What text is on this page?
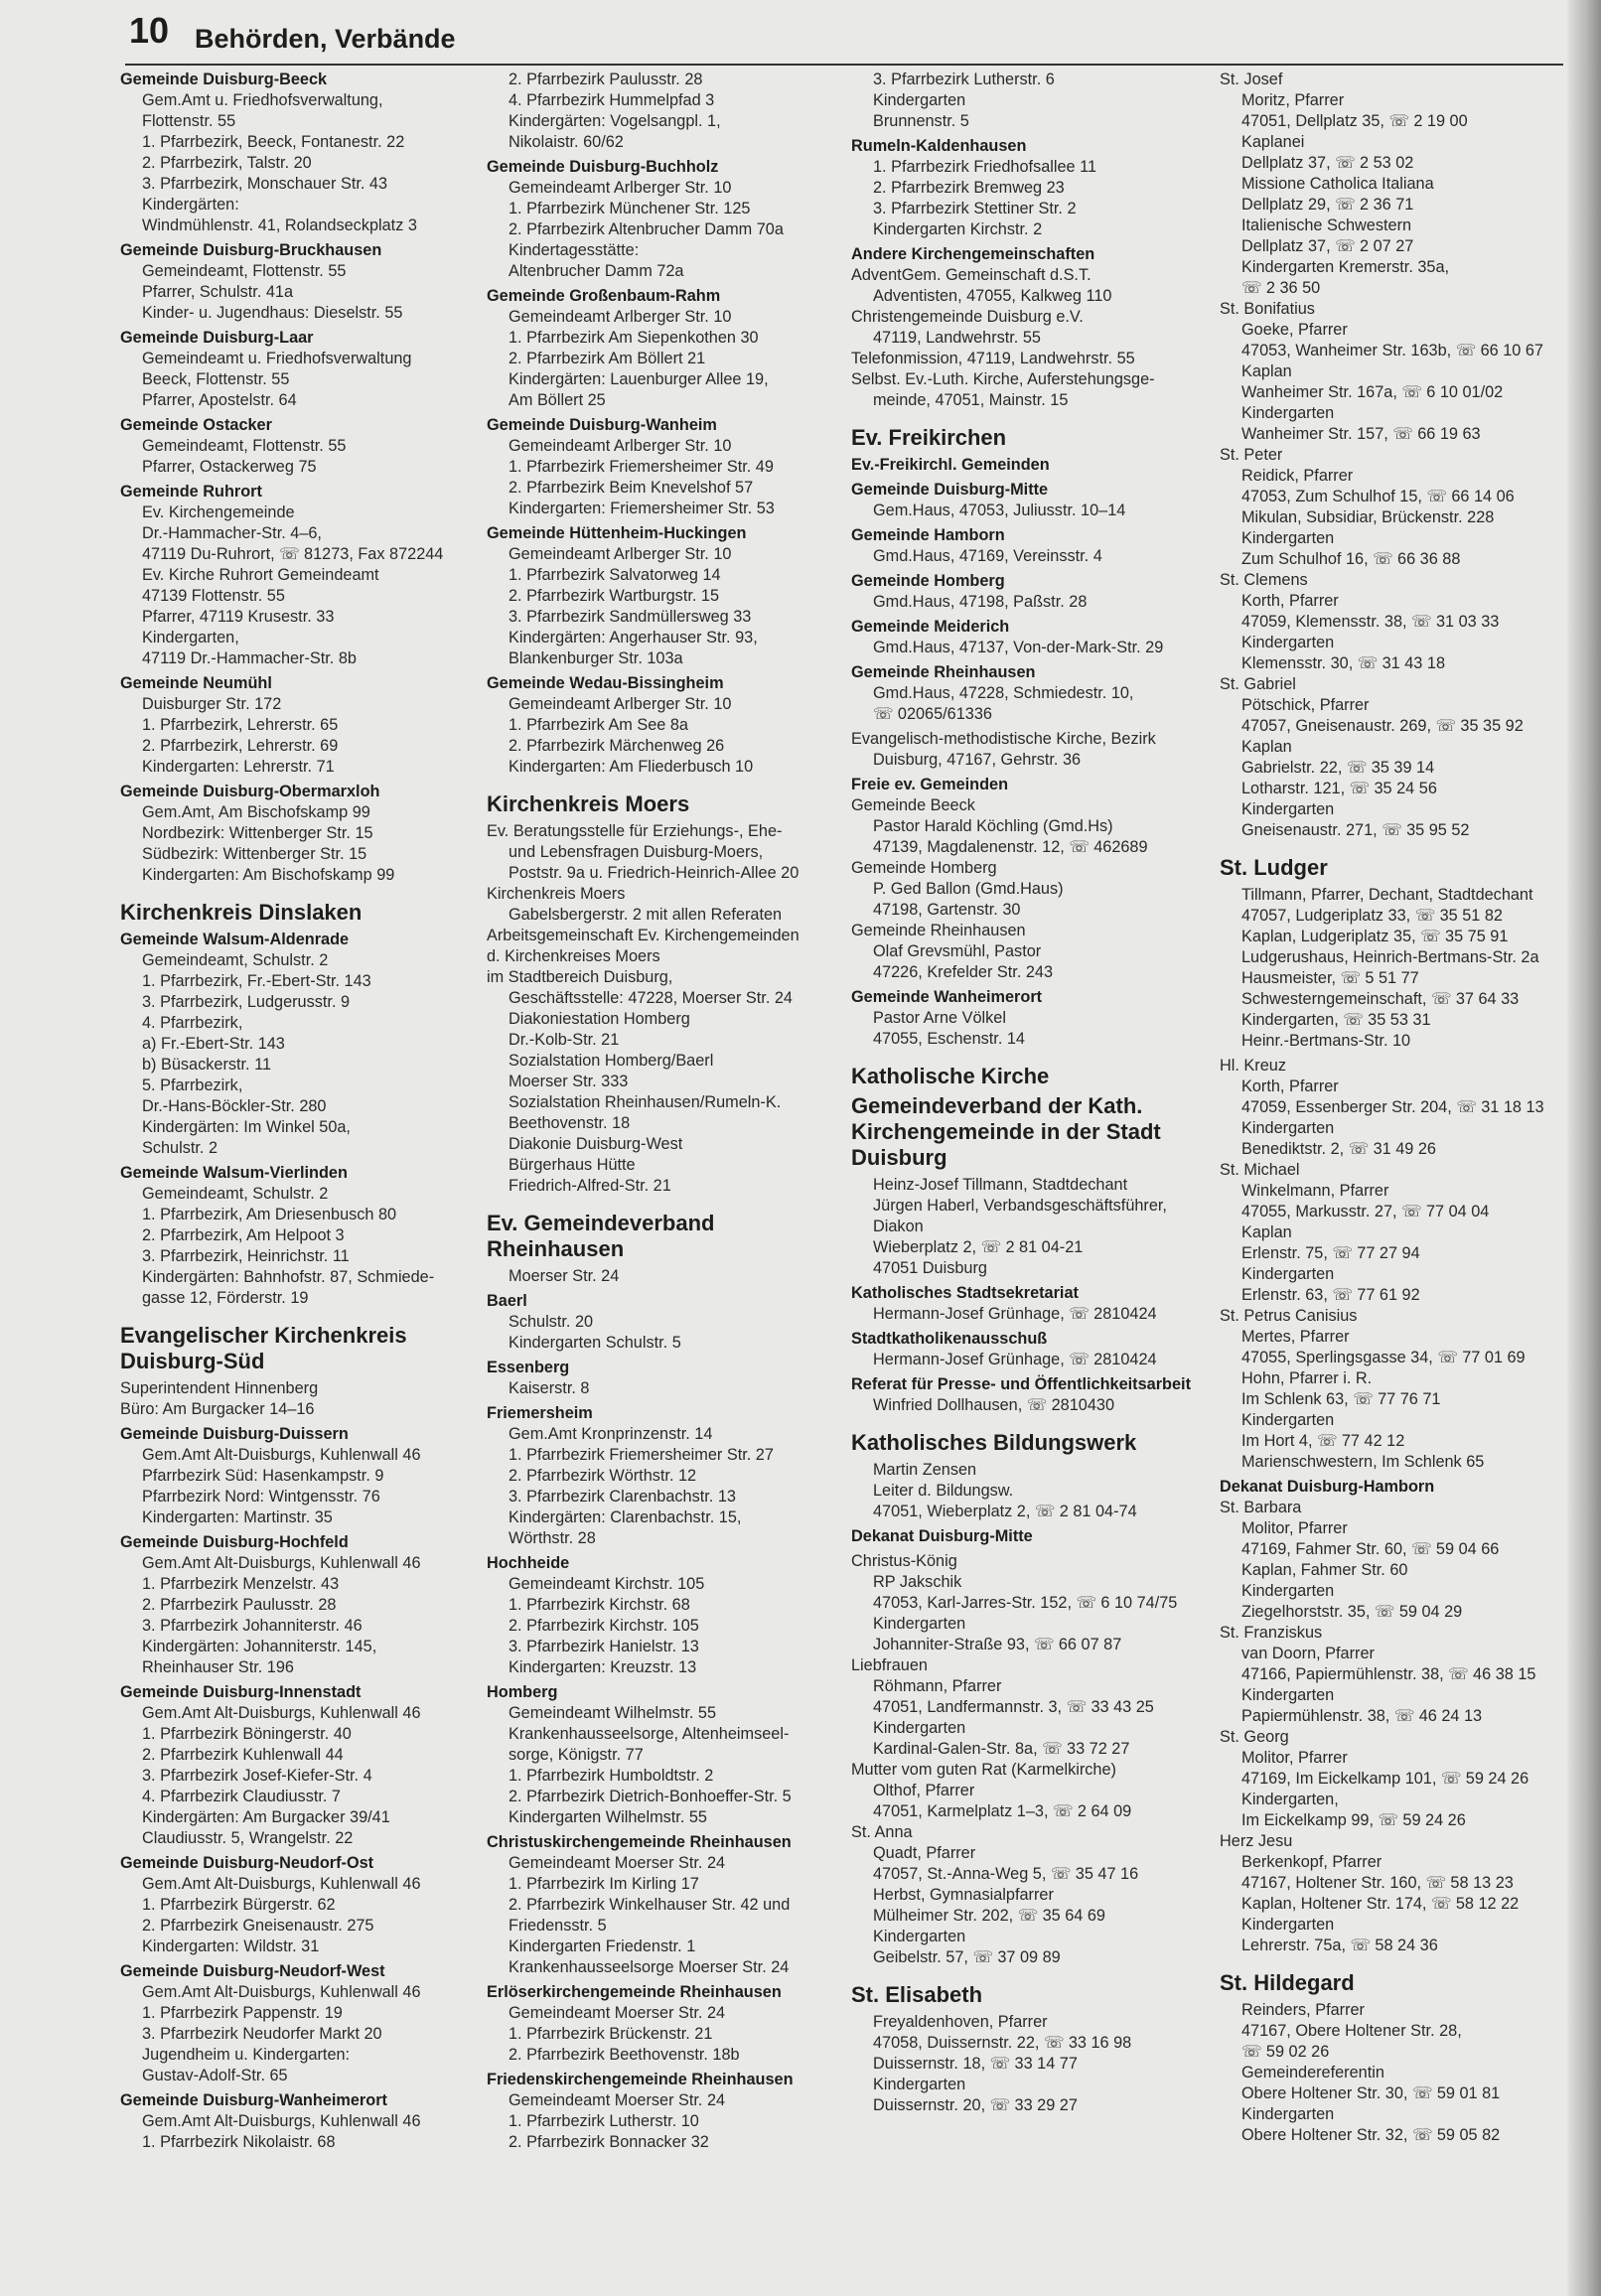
10 Behörden, Verbände
Gemeinde Duisburg-Beeck
Gem.Amt u. Friedhofsverwaltung,
Flottenstr. 55
1. Pfarrbezirk, Beeck, Fontanestr. 22
2. Pfarrbezirk, Talstr. 20
3. Pfarrbezirk, Monschauer Str. 43
Kindergärten:
Windmühlenstr. 41, Rolandseckplatz 3
Gemeinde Duisburg-Bruckhausen
Gemeindeamt, Flottenstr. 55
Pfarrer, Schulstr. 41a
Kinder- u. Jugendhaus: Dieselstr. 55
Gemeinde Duisburg-Laar
Gemeindeamt u. Friedhofsverwaltung
Beeck, Flottenstr. 55
Pfarrer, Apostelstr. 64
Gemeinde Ostacker
Gemeindeamt, Flottenstr. 55
Pfarrer, Ostackerweg 75
Gemeinde Ruhrort
Ev. Kirchengemeinde
Dr.-Hammacher-Str. 4–6,
47119 Du-Ruhrort, ☏ 81273, Fax 872244
Ev. Kirche Ruhrort Gemeindeamt
47139 Flottenstr. 55
Pfarrer, 47119 Krusestr. 33
Kindergarten,
47119 Dr.-Hammacher-Str. 8b
Gemeinde Neumühl
Duisburger Str. 172
1. Pfarrbezirk, Lehrerstr. 65
2. Pfarrbezirk, Lehrerstr. 69
Kindergarten: Lehrerstr. 71
Gemeinde Duisburg-Obermarxloh
Gem.Amt, Am Bischofskamp 99
Nordbezirk: Wittenberger Str. 15
Südbezirk: Wittenberger Str. 15
Kindergarten: Am Bischofskamp 99
Kirchenkreis Dinslaken
Gemeinde Walsum-Aldenrade
Gemeindeamt, Schulstr. 2
1. Pfarrbezirk, Fr.-Ebert-Str. 143
3. Pfarrbezirk, Ludgerusstr. 9
4. Pfarrbezirk,
a) Fr.-Ebert-Str. 143
b) Büsackerstr. 11
5. Pfarrbezirk,
Dr.-Hans-Böckler-Str. 280
Kindergärten: Im Winkel 50a,
Schulstr. 2
Gemeinde Walsum-Vierlinden
Gemeindeamt, Schulstr. 2
1. Pfarrbezirk, Am Driesenbusch 80
2. Pfarrbezirk, Am Helpoot 3
3. Pfarrbezirk, Heinrichstr. 11
Kindergärten: Bahnhofstr. 87, Schmiede-
gasse 12, Förderstr. 19
Evangelischer Kirchenkreis Duisburg-Süd
Superintendent Hinnenberg
Büro: Am Burgacker 14–16
Gemeinde Duisburg-Duissern
Gem.Amt Alt-Duisburgs, Kuhlenwall 46
Pfarrbezirk Süd: Hasenkampstr. 9
Pfarrbezirk Nord: Wintgensstr. 76
Kindergarten: Martinstr. 35
Gemeinde Duisburg-Hochfeld
Gem.Amt Alt-Duisburgs, Kuhlenwall 46
1. Pfarrbezirk Menzelstr. 43
2. Pfarrbezirk Paulusstr. 28
3. Pfarrbezirk Johanniterstr. 46
Kindergärten: Johanniterstr. 145,
Rheinhauser Str. 196
Gemeinde Duisburg-Innenstadt
Gem.Amt Alt-Duisburgs, Kuhlenwall 46
1. Pfarrbezirk Böningerstr. 40
2. Pfarrbezirk Kuhlenwall 44
3. Pfarrbezirk Josef-Kiefer-Str. 4
4. Pfarrbezirk Claudiusstr. 7
Kindergärten: Am Burgacker 39/41
Claudiusstr. 5, Wrangelstr. 22
Gemeinde Duisburg-Neudorf-Ost
Gem.Amt Alt-Duisburgs, Kuhlenwall 46
1. Pfarrbezirk Bürgerstr. 62
2. Pfarrbezirk Gneisenaustr. 275
Kindergarten: Wildstr. 31
Gemeinde Duisburg-Neudorf-West
Gem.Amt Alt-Duisburgs, Kuhlenwall 46
1. Pfarrbezirk Pappenstr. 19
3. Pfarrbezirk Neudorfer Markt 20
Jugendheim u. Kindergarten:
Gustav-Adolf-Str. 65
Gemeinde Duisburg-Wanheimerort
Gem.Amt Alt-Duisburgs, Kuhlenwall 46
1. Pfarrbezirk Nikolaistr. 68
2. Pfarrbezirk Paulusstr. 28
4. Pfarrbezirk Hummelpfad 3
Kindergärten: Vogelsangpl. 1,
Nikolaistr. 60/62
Gemeinde Duisburg-Buchholz
Gemeindeamt Arlberger Str. 10
1. Pfarrbezirk Münchener Str. 125
2. Pfarrbezirk Altenbrucher Damm 70a
Kindertagesstätte:
Altenbrucher Damm 72a
Gemeinde Großenbaum-Rahm
Gemeindeamt Arlberger Str. 10
1. Pfarrbezirk Am Siepenkothen 30
2. Pfarrbezirk Am Böllert 21
Kindergärten: Lauenburger Allee 19,
Am Böllert 25
Gemeinde Duisburg-Wanheim
Gemeindeamt Arlberger Str. 10
1. Pfarrbezirk Friemersheimer Str. 49
2. Pfarrbezirk Beim Knevelshof 57
Kindergarten: Friemersheimer Str. 53
Gemeinde Hüttenheim-Huckingen
Gemeindeamt Arlberger Str. 10
1. Pfarrbezirk Salvatorweg 14
2. Pfarrbezirk Wartburgstr. 15
3. Pfarrbezirk Sandmüllersweg 33
Kindergärten: Angerhauser Str. 93,
Blankenburger Str. 103a
Gemeinde Wedau-Bissingheim
Gemeindeamt Arlberger Str. 10
1. Pfarrbezirk Am See 8a
2. Pfarrbezirk Märchenweg 26
Kindergarten: Am Fliederbusch 10
Kirchenkreis Moers
Ev. Beratungsstelle für Erziehungs-, Ehe-
und Lebensfragen Duisburg-Moers,
Poststr. 9a u. Friedrich-Heinrich-Allee 20
Kirchenkreis Moers
Gabelsbergerstr. 2 mit allen Referaten
Arbeitsgemeinschaft Ev. Kirchengemeinden
d. Kirchenkreises Moers
im Stadtbereich Duisburg,
Geschäftsstelle: 47228, Moerser Str. 24
Diakoniestation Homberg
Dr.-Kolb-Str. 21
Sozialstation Homberg/Baerl
Moerser Str. 333
Sozialstation Rheinhausen/Rumeln-K.
Beethovenstr. 18
Diakonie Duisburg-West
Bürgerhaus Hütte
Friedrich-Alfred-Str. 21
Ev. Gemeindeverband Rheinhausen
Moerser Str. 24
Baerl
Schulstr. 20
Kindergarten Schulstr. 5
Essenberg
Kaiserstr. 8
Friemersheim
Gem.Amt Kronprinzenstr. 14
1. Pfarrbezirk Friemersheimer Str. 27
2. Pfarrbezirk Wörthstr. 12
3. Pfarrbezirk Clarenbachstr. 13
Kindergärten: Clarenbachstr. 15,
Wörthstr. 28
Hochheide
Gemeindeamt Kirchstr. 105
1. Pfarrbezirk Kirchstr. 68
2. Pfarrbezirk Kirchstr. 105
3. Pfarrbezirk Hanielstr. 13
Kindergarten: Kreuzstr. 13
Homberg
Gemeindeamt Wilhelmstr. 55
Krankenhausseelsorge, Altenheimseel-
sorge, Königstr. 77
1. Pfarrbezirk Humboldtstr. 2
2. Pfarrbezirk Dietrich-Bonhoeffer-Str. 5
Kindergarten Wilhelmstr. 55
Christuskirchengemeinde Rheinhausen
Gemeindeamt Moerser Str. 24
1. Pfarrbezirk Im Kirling 17
2. Pfarrbezirk Winkelhauser Str. 42 und
Friedensstr. 5
Kindergarten Friedenstr. 1
Krankenhausseelsorge Moerser Str. 24
Erlöserkirchengemeinde Rheinhausen
Gemeindeamt Moerser Str. 24
1. Pfarrbezirk Brückenstr. 21
2. Pfarrbezirk Beethovenstr. 18b
Friedenskirchengemeinde Rheinhausen
Gemeindeamt Moerser Str. 24
1. Pfarrbezirk Lutherstr. 10
2. Pfarrbezirk Bonnacker 32
3. Pfarrbezirk Lutherstr. 6
Kindergarten
Brunnenstr. 5
Rumeln-Kaldenhausen
1. Pfarrbezirk Friedhofsallee 11
2. Pfarrbezirk Bremweg 23
3. Pfarrbezirk Stettiner Str. 2
Kindergarten Kirchstr. 2
Andere Kirchengemeinschaften
AdventGem. Gemeinschaft d.S.T.
Adventisten, 47055, Kalkweg 110
Christengemeinde Duisburg e.V.
47119, Landwehrstr. 55
Telefonmission, 47119, Landwehrstr. 55
Selbst. Ev.-Luth. Kirche, Auferstehungsge-
meinde, 47051, Mainstr. 15
Ev. Freikirchen
Ev.-Freikirchl. Gemeinden
Gemeinde Duisburg-Mitte
Gem.Haus, 47053, Juliusstr. 10–14
Gemeinde Hamborn
Gmd.Haus, 47169, Vereinsstr. 4
Gemeinde Homberg
Gmd.Haus, 47198, Paßstr. 28
Gemeinde Meiderich
Gmd.Haus, 47137, Von-der-Mark-Str. 29
Gemeinde Rheinhausen
Gmd.Haus, 47228, Schmiedestr. 10,
☏ 02065/61336
Evangelisch-methodistische Kirche, Bezirk
Duisburg, 47167, Gehrstr. 36
Freie ev. Gemeinden
Gemeinde Beeck
Pastor Harald Köchling (Gmd.Hs)
47139, Magdalenenstr. 12, ☏ 462689
Gemeinde Homberg
P. Ged Ballon (Gmd.Haus)
47198, Gartenstr. 30
Gemeinde Rheinhausen
Olaf Grevsmühl, Pastor
47226, Krefelder Str. 243
Gemeinde Wanheimerort
Pastor Arne Völkel
47055, Eschenstr. 14
Katholische Kirche
Gemeindeverband der Kath. Kirchengemeinde in der Stadt Duisburg
Heinz-Josef Tillmann, Stadtdechant
Jürgen Haberl, Verbandsgeschäftsführer,
Diakon
Wieberplatz 2, ☏ 2 81 04-21
47051 Duisburg
Katholisches Stadtsekretariat
Hermann-Josef Grünhage, ☏ 2810424
Stadtkatholikenausschuß
Hermann-Josef Grünhage, ☏ 2810424
Referat für Presse- und Öffentlichkeitsarbeit
Winfried Dollhausen, ☏ 2810430
Katholisches Bildungswerk
Martin Zensen
Leiter d. Bildungsw.
47051, Wieberplatz 2, ☏ 2 81 04-74
Dekanat Duisburg-Mitte
Christus-König
RP Jakschik
47053, Karl-Jarres-Str. 152, ☏ 6 10 74/75
Kindergarten
Johanniter-Straße 93, ☏ 66 07 87
Liebfrauen
Röhmann, Pfarrer
47051, Landfermannstr. 3, ☏ 33 43 25
Kindergarten
Kardinal-Galen-Str. 8a, ☏ 33 72 27
Mutter vom guten Rat (Karmelkirche)
Olthof, Pfarrer
47051, Karmelplatz 1–3, ☏ 2 64 09
St. Anna
Quadt, Pfarrer
47057, St.-Anna-Weg 5, ☏ 35 47 16
Herbst, Gymnasialpfarrer
Mülheimer Str. 202, ☏ 35 64 69
Kindergarten
Geibelstr. 57, ☏ 37 09 89
St. Elisabeth
Freyaldenhoven, Pfarrer
47058, Duissernstr. 22, ☏ 33 16 98
Duissernstr. 18, ☏ 33 14 77
Kindergarten
Duissernstr. 20, ☏ 33 29 27
St. Josef
Moritz, Pfarrer
47051, Dellplatz 35, ☏ 2 19 00
Kaplanei
Dellplatz 37, ☏ 2 53 02
Missione Catholica Italiana
Dellplatz 29, ☏ 2 36 71
Italienische Schwestern
Dellplatz 37, ☏ 2 07 27
Kindergarten Kremerstr. 35a,
☏ 2 36 50
St. Bonifatius
Goeke, Pfarrer
47053, Wanheimer Str. 163b, ☏ 66 10 67
Kaplan
Wanheimer Str. 167a, ☏ 6 10 01/02
Kindergarten
Wanheimer Str. 157, ☏ 66 19 63
St. Peter
Reidick, Pfarrer
47053, Zum Schulhof 15, ☏ 66 14 06
Mikulan, Subsidiar, Brückenstr. 228
Kindergarten
Zum Schulhof 16, ☏ 66 36 88
St. Clemens
Korth, Pfarrer
47059, Klemensstr. 38, ☏ 31 03 33
Kindergarten
Klemensstr. 30, ☏ 31 43 18
St. Gabriel
Pötschick, Pfarrer
47057, Gneisenaustr. 269, ☏ 35 35 92
Kaplan
Gabrielstr. 22, ☏ 35 39 14
Lotharstr. 121, ☏ 35 24 56
Kindergarten
Gneisenaustr. 271, ☏ 35 95 52
St. Ludger
Tillmann, Pfarrer, Dechant, Stadtdechant
47057, Ludgeriplatz 33, ☏ 35 51 82
Kaplan, Ludgeriplatz 35, ☏ 35 75 91
Ludgerushaus, Heinrich-Bertmans-Str. 2a
Hausmeister, ☏ 5 51 77
Schwesterngemeinschaft, ☏ 37 64 33
Kindergarten, ☏ 35 53 31
Heinr.-Bertmans-Str. 10
Hl. Kreuz
Korth, Pfarrer
47059, Essenberger Str. 204, ☏ 31 18 13
Kindergarten
Benediktstr. 2, ☏ 31 49 26
St. Michael
Winkelmann, Pfarrer
47055, Markusstr. 27, ☏ 77 04 04
Kaplan
Erlenstr. 75, ☏ 77 27 94
Kindergarten
Erlenstr. 63, ☏ 77 61 92
St. Petrus Canisius
Mertes, Pfarrer
47055, Sperlingsgasse 34, ☏ 77 01 69
Hohn, Pfarrer i. R.
Im Schlenk 63, ☏ 77 76 71
Kindergarten
Im Hort 4, ☏ 77 42 12
Marienschwestern, Im Schlenk 65
Dekanat Duisburg-Hamborn
St. Barbara
Molitor, Pfarrer
47169, Fahmer Str. 60, ☏ 59 04 66
Kaplan, Fahmer Str. 60
Kindergarten
Ziegelhorststr. 35, ☏ 59 04 29
St. Franziskus
van Doorn, Pfarrer
47166, Papiermühlenstr. 38, ☏ 46 38 15
Kindergarten
Papiermühlenstr. 38, ☏ 46 24 13
St. Georg
Molitor, Pfarrer
47169, Im Eickelkamp 101, ☏ 59 24 26
Kindergarten,
Im Eickelkamp 99, ☏ 59 24 26
Herz Jesu
Berkenkopf, Pfarrer
47167, Holtener Str. 160, ☏ 58 13 23
Kaplan, Holtener Str. 174, ☏ 58 12 22
Kindergarten
Lehrerstr. 75a, ☏ 58 24 36
St. Hildegard
Reinders, Pfarrer
47167, Obere Holtener Str. 28,
☏ 59 02 26
Gemeindereferentin
Obere Holtener Str. 30, ☏ 59 01 81
Kindergarten
Obere Holtener Str. 32, ☏ 59 05 82
